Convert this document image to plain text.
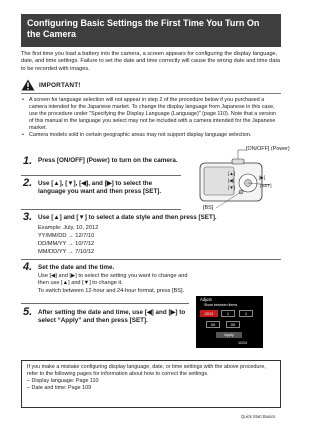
Configuring Basic Settings the First Time You Turn On the Camera
The first time you load a battery into the camera, a screen appears for configuring the display language, date, and time settings. Failure to set the date and time correctly will cause the wrong date and time data to be recorded with images.
IMPORTANT!
• A screen for language selection will not appear in step 2 of the procedure below if you purchased a camera intended for the Japanese market. To change the display language from Japanese in this case, use the procedure under "Specifying the Display Language (Language)" (page 110). Note that a version of this manual in the language you select may not be included with a camera intended for the Japanese market.
• Camera models sold in certain geographic areas may not support display language selection.
1. Press [ON/OFF] (Power) to turn on the camera.
2. Use [▲], [▼], [◀], and [▶] to select the language you want and then press [SET].
[ON/OFF] (Power)
[▲]
[◀]
[▼]
[▶]
[SET]
[BS]
3. Use [▲] and [▼] to select a date style and then press [SET].
Example: July, 10, 2012
YY/MM/DD → 12/7/10
DD/MM/YY → 10/7/12
MM/DD/YY → 7/10/12
4. Set the date and the time.
Use [◀] and [▶] to select the setting you want to change and then use [▲] and [▼] to change it.
To switch between 12-hour and 24-hour format, press [BS].
Adjust
Show between items
2012	1	1
00	00
Apply
12/24
5. After setting the date and time, use [◀] and [▶] to select “Apply” and then press [SET].
If you make a mistake configuring display language, date, or time settings with the above procedure, refer to the following pages for information about how to correct the settings.
– Display language: Page 110
– Date and time: Page 109
Quick Start Basics
